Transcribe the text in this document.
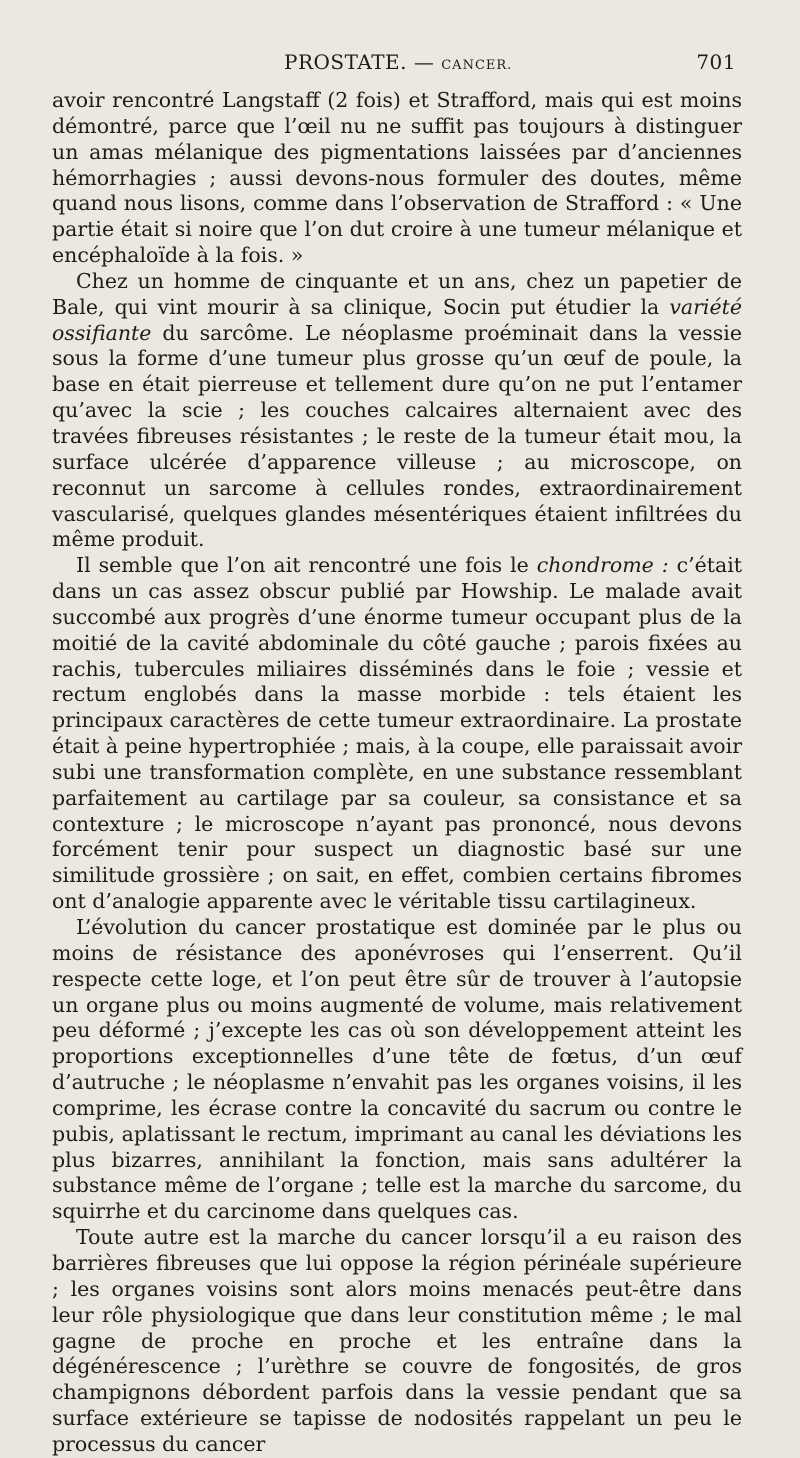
PROSTATE. — CANCER.	701

avoir rencontré Langstaff (2 fois) et Strafford, mais qui est moins démontré, parce que l’œil nu ne suffit pas toujours à distinguer un amas mélanique des pigmentations laissées par d’anciennes hémorrhagies ; aussi devons-nous formuler des doutes, même quand nous lisons, comme dans l’observation de Strafford : « Une partie était si noire que l’on dut croire à une tumeur mélanique et encéphaloïde à la fois. »

Chez un homme de cinquante et un ans, chez un papetier de Bale, qui vint mourir à sa clinique, Socin put étudier la variété ossifiante du sarcôme. Le néoplasme proéminait dans la vessie sous la forme d’une tumeur plus grosse qu’un œuf de poule, la base en était pierreuse et tellement dure qu’on ne put l’entamer qu’avec la scie ; les couches calcaires alternaient avec des travées fibreuses résistantes ; le reste de la tumeur était mou, la surface ulcérée d’apparence villeuse ; au microscope, on reconnut un sarcome à cellules rondes, extraordinairement vascularisé, quelques glandes mésentériques étaient infiltrées du même produit.

Il semble que l’on ait rencontré une fois le chondrome : c’était dans un cas assez obscur publié par Howship. Le malade avait succombé aux progrès d’une énorme tumeur occupant plus de la moitié de la cavité abdominale du côté gauche ; parois fixées au rachis, tubercules miliaires disséminés dans le foie ; vessie et rectum englobés dans la masse morbide : tels étaient les principaux caractères de cette tumeur extraordinaire. La prostate était à peine hypertrophiée ; mais, à la coupe, elle paraissait avoir subi une transformation complète, en une substance ressemblant parfaitement au cartilage par sa couleur, sa consistance et sa contexture ; le microscope n’ayant pas prononcé, nous devons forcément tenir pour suspect un diagnostic basé sur une similitude grossière ; on sait, en effet, combien certains fibromes ont d’analogie apparente avec le véritable tissu cartilagineux.

L’évolution du cancer prostatique est dominée par le plus ou moins de résistance des aponévroses qui l’enserrent. Qu’il respecte cette loge, et l’on peut être sûr de trouver à l’autopsie un organe plus ou moins augmenté de volume, mais relativement peu déformé ; j’excepte les cas où son développement atteint les proportions exceptionnelles d’une tête de fœtus, d’un œuf d’autruche ; le néoplasme n’envahit pas les organes voisins, il les comprime, les écrase contre la concavité du sacrum ou contre le pubis, aplatissant le rectum, imprimant au canal les déviations les plus bizarres, annihilant la fonction, mais sans adultérer la substance même de l’organe ; telle est la marche du sarcome, du squirrhe et du carcinome dans quelques cas.

Toute autre est la marche du cancer lorsqu’il a eu raison des barrières fibreuses que lui oppose la région périnéale supérieure ; les organes voisins sont alors moins menacés peut-être dans leur rôle physiologique que dans leur constitution même ; le mal gagne de proche en proche et les entraîne dans la dégénérescence ; l’urèthre se couvre de fongosités, de gros champignons débordent parfois dans la vessie pendant que sa surface extérieure se tapisse de nodosités rappelant un peu le processus du cancer
